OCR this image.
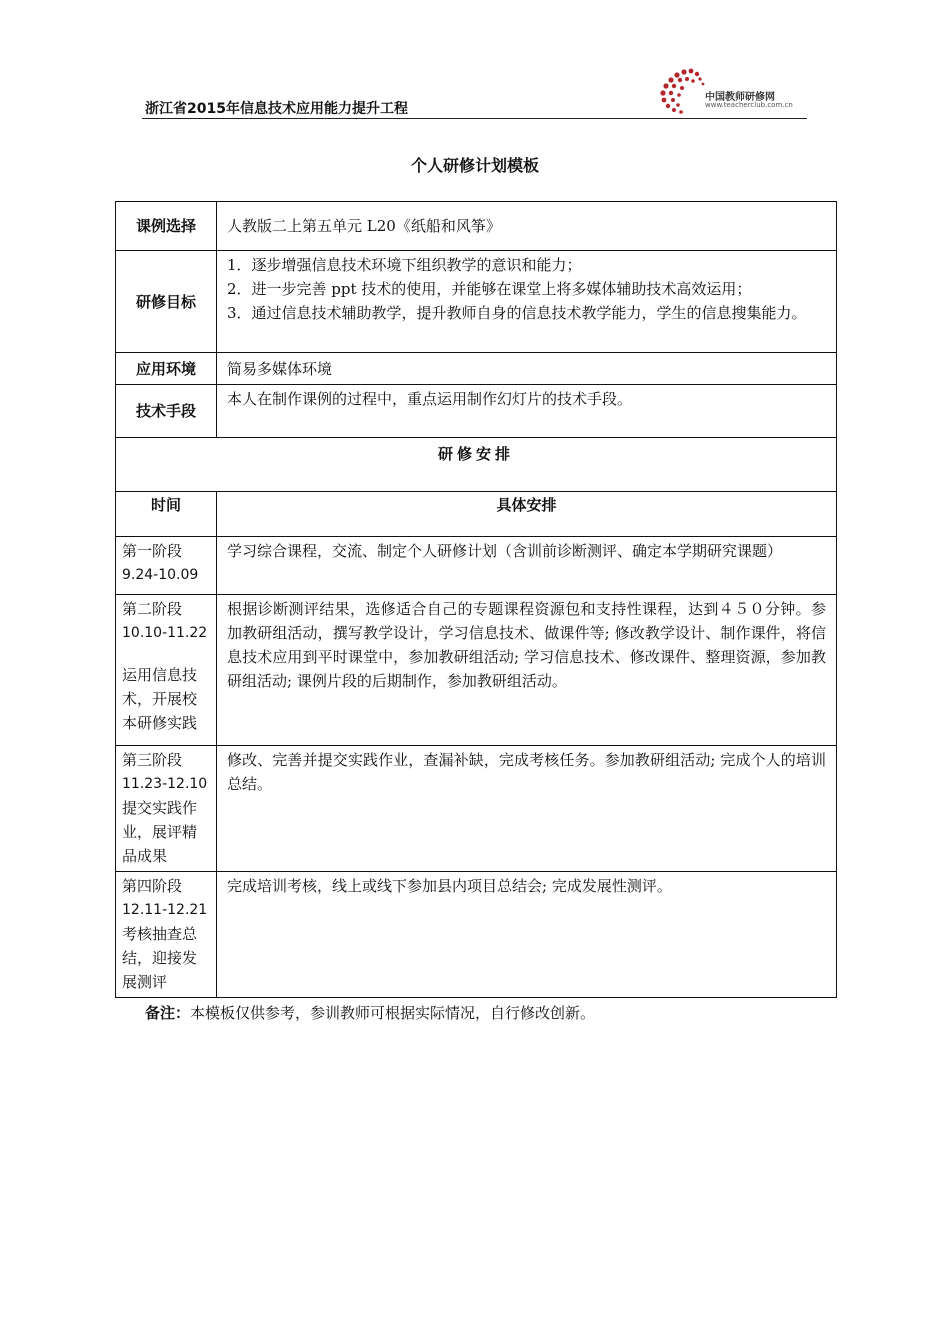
浙江省2015年信息技术应用能力提升工程
中国教师研修网
www.teacherclub.com.cn
个人研修计划模板
课例选择	人教版二上第五单元 L20《纸船和风筝》
研修目标	1．逐步增强信息技术环境下组织教学的意识和能力；
2．进一步完善 ppt 技术的使用，并能够在课堂上将多媒体辅助技术高效运用；
3．通过信息技术辅助教学，提升教师自身的信息技术教学能力，学生的信息搜集能力。

应用环境	简易多媒体环境
技术手段	本人在制作课例的过程中，重点运用制作幻灯片的技术手段。
研修安排	
时间	具体安排

第一阶段
9.24-10.09	学习综合课程，交流、制定个人研修计划（含训前诊断测评、确定本学期研究课题）

第二阶段
10.10-11.22
运用信息技术，开展校本研修实践	根据诊断测评结果，选修适合自己的专题课程资源包和支持性课程，达到４５０分钟。参加教研组活动，撰写教学设计，学习信息技术、做课件等; 修改教学设计、制作课件，将信息技术应用到平时课堂中，参加教研组活动; 学习信息技术、修改课件、整理资源，参加教研组活动; 课例片段的后期制作，参加教研组活动。

第三阶段
11.23-12.10
提交实践作业，展评精品成果	修改、完善并提交实践作业，查漏补缺，完成考核任务。参加教研组活动; 完成个人的培训总结。

第四阶段
12.11-12.21
考核抽查总结，迎接发展测评	完成培训考核，线上或线下参加县内项目总结会; 完成发展性测评。
备注：本模板仅供参考，参训教师可根据实际情况，自行修改创新。
